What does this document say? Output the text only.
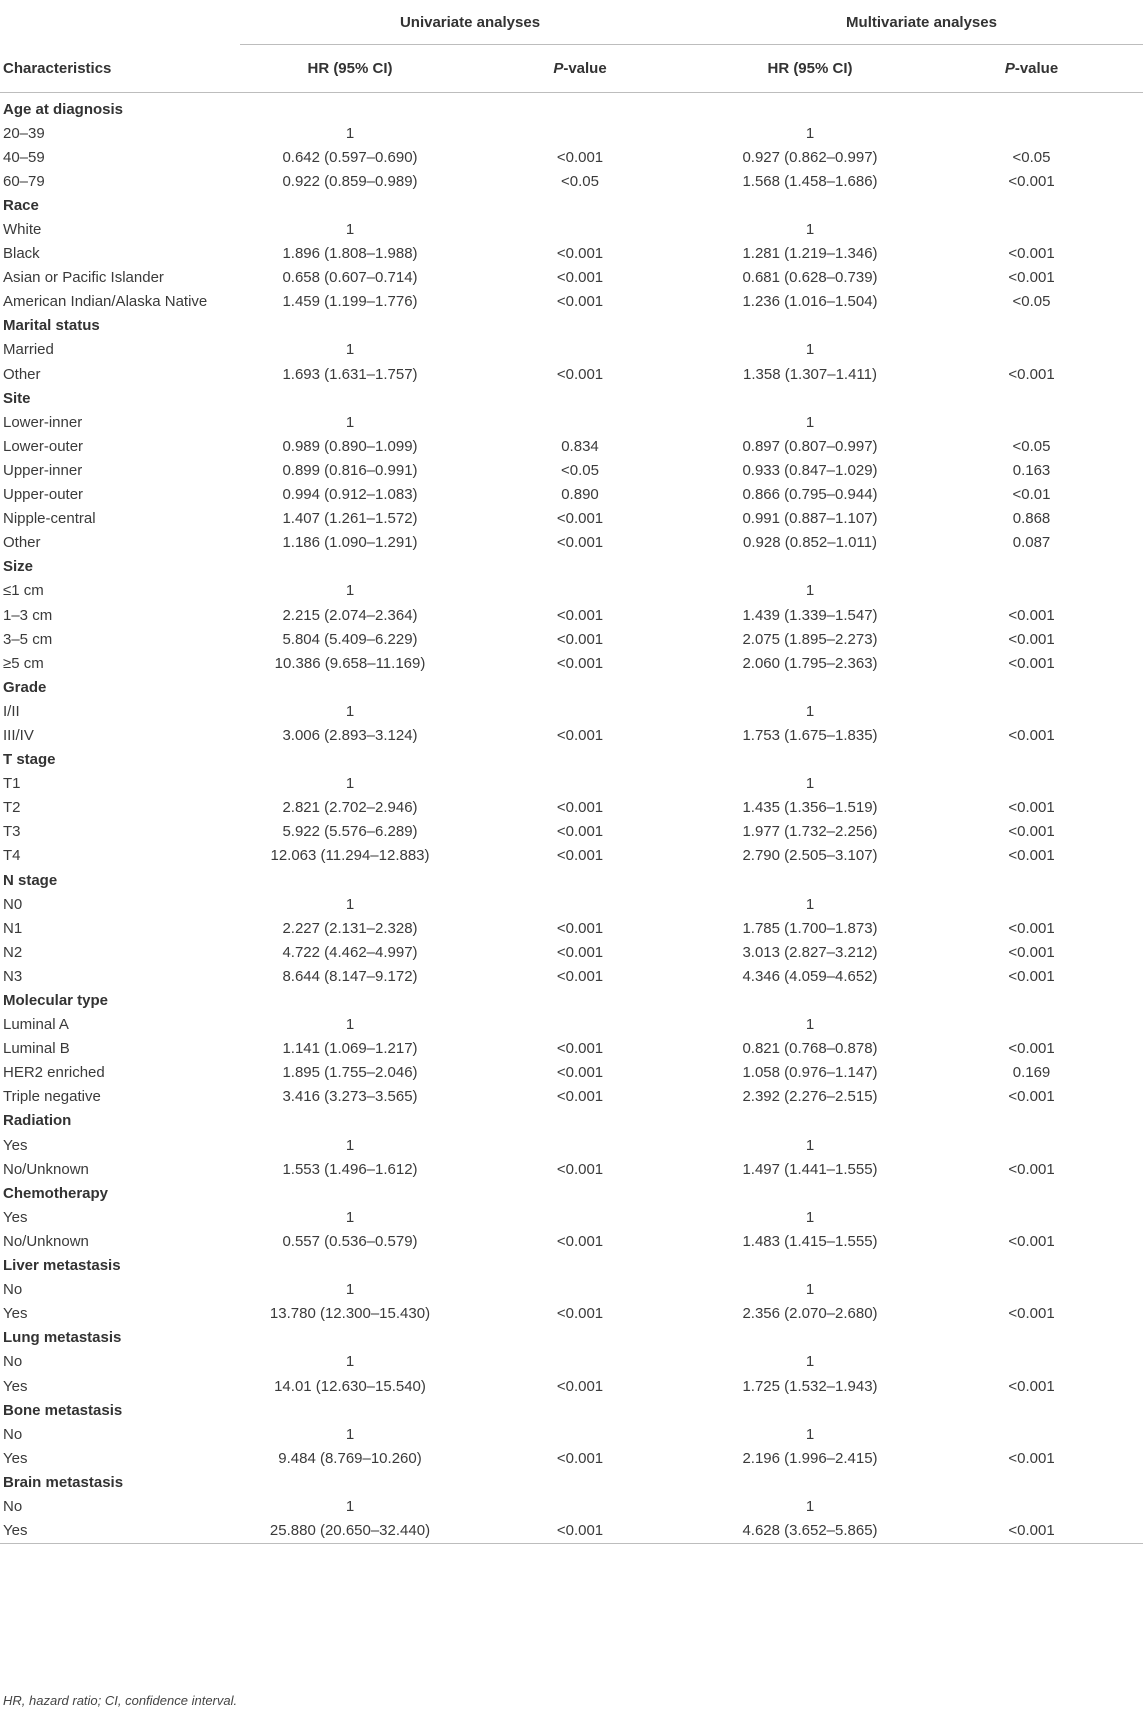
	Univariate analyses		Multivariate analyses	
Characteristics	HR (95% CI)	P-value	HR (95% CI)	P-value
Age at diagnosis				
20–39	1		1	
40–59	0.642 (0.597–0.690)	<0.001	0.927 (0.862–0.997)	<0.05
60–79	0.922 (0.859–0.989)	<0.05	1.568 (1.458–1.686)	<0.001
Race				
White	1		1	
Black	1.896 (1.808–1.988)	<0.001	1.281 (1.219–1.346)	<0.001
Asian or Pacific Islander	0.658 (0.607–0.714)	<0.001	0.681 (0.628–0.739)	<0.001
American Indian/Alaska Native	1.459 (1.199–1.776)	<0.001	1.236 (1.016–1.504)	<0.05
Marital status				
Married	1		1	
Other	1.693 (1.631–1.757)	<0.001	1.358 (1.307–1.411)	<0.001
Site				
Lower-inner	1		1	
Lower-outer	0.989 (0.890–1.099)	0.834	0.897 (0.807–0.997)	<0.05
Upper-inner	0.899 (0.816–0.991)	<0.05	0.933 (0.847–1.029)	0.163
Upper-outer	0.994 (0.912–1.083)	0.890	0.866 (0.795–0.944)	<0.01
Nipple-central	1.407 (1.261–1.572)	<0.001	0.991 (0.887–1.107)	0.868
Other	1.186 (1.090–1.291)	<0.001	0.928 (0.852–1.011)	0.087
Size				
≤1 cm	1		1	
1–3 cm	2.215 (2.074–2.364)	<0.001	1.439 (1.339–1.547)	<0.001
3–5 cm	5.804 (5.409–6.229)	<0.001	2.075 (1.895–2.273)	<0.001
≥5 cm	10.386 (9.658–11.169)	<0.001	2.060 (1.795–2.363)	<0.001
Grade				
I/II	1		1	
III/IV	3.006 (2.893–3.124)	<0.001	1.753 (1.675–1.835)	<0.001
T stage				
T1	1		1	
T2	2.821 (2.702–2.946)	<0.001	1.435 (1.356–1.519)	<0.001
T3	5.922 (5.576–6.289)	<0.001	1.977 (1.732–2.256)	<0.001
T4	12.063 (11.294–12.883)	<0.001	2.790 (2.505–3.107)	<0.001
N stage				
N0	1		1	
N1	2.227 (2.131–2.328)	<0.001	1.785 (1.700–1.873)	<0.001
N2	4.722 (4.462–4.997)	<0.001	3.013 (2.827–3.212)	<0.001
N3	8.644 (8.147–9.172)	<0.001	4.346 (4.059–4.652)	<0.001
Molecular type				
Luminal A	1		1	
Luminal B	1.141 (1.069–1.217)	<0.001	0.821 (0.768–0.878)	<0.001
HER2 enriched	1.895 (1.755–2.046)	<0.001	1.058 (0.976–1.147)	0.169
Triple negative	3.416 (3.273–3.565)	<0.001	2.392 (2.276–2.515)	<0.001
Radiation				
Yes	1		1	
No/Unknown	1.553 (1.496–1.612)	<0.001	1.497 (1.441–1.555)	<0.001
Chemotherapy				
Yes	1		1	
No/Unknown	0.557 (0.536–0.579)	<0.001	1.483 (1.415–1.555)	<0.001
Liver metastasis				
No	1		1	
Yes	13.780 (12.300–15.430)	<0.001	2.356 (2.070–2.680)	<0.001
Lung metastasis				
No	1		1	
Yes	14.01 (12.630–15.540)	<0.001	1.725 (1.532–1.943)	<0.001
Bone metastasis				
No	1		1	
Yes	9.484 (8.769–10.260)	<0.001	2.196 (1.996–2.415)	<0.001
Brain metastasis				
No	1		1	
Yes	25.880 (20.650–32.440)	<0.001	4.628 (3.652–5.865)	<0.001
HR, hazard ratio; CI, confidence interval.
